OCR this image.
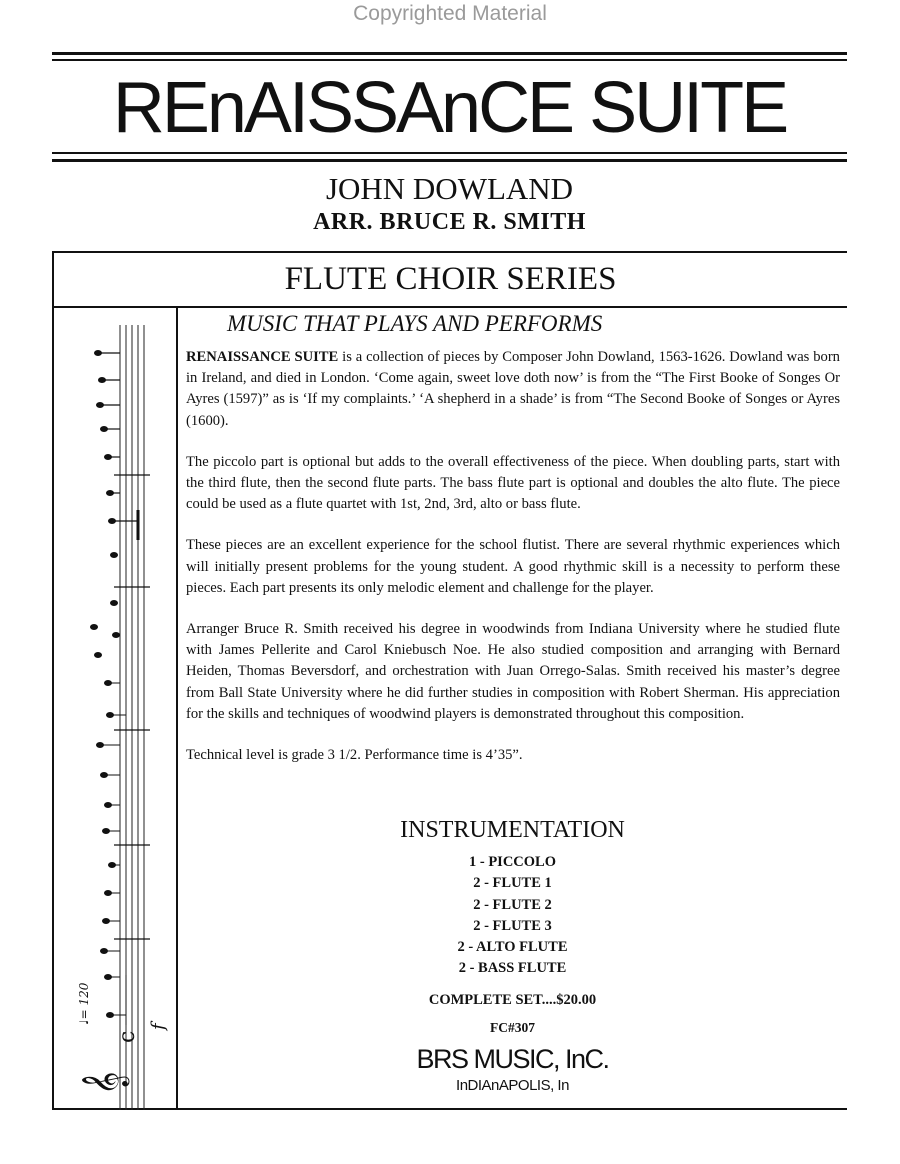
Copyrighted Material
REnAISSAnCE SUITE
JOHN DOWLAND
ARR. BRUCE R. SMITH
FLUTE CHOIR SERIES
MUSIC THAT PLAYS AND PERFORMS

RENAISSANCE SUITE is a collection of pieces by Composer John Dowland, 1563-1626. Dowland was born in Ireland, and died in London. ‘Come again, sweet love doth now’ is from the “The First Booke of Songes Or Ayres (1597)” as is ‘If my complaints.’ ‘A shepherd in a shade’ is from “The Second Booke of Songes or Ayres (1600).

The piccolo part is optional but adds to the overall effectiveness of the piece. When doubling parts, start with the third flute, then the second flute parts. The bass flute part is optional and doubles the alto flute. The piece could be used as a flute quartet with 1st, 2nd, 3rd, alto or bass flute.

These pieces are an excellent experience for the school flutist. There are several rhythmic experiences which will initially present problems for the young student. A good rhythmic skill is a necessity to perform these pieces. Each part presents its only melodic element and challenge for the player.

Arranger Bruce R. Smith received his degree in woodwinds from Indiana University where he studied flute with James Pellerite and Carol Kniebusch Noe. He also studied composition and arranging with Bernard Heiden, Thomas Beversdorf, and orchestration with Juan Orrego-Salas. Smith received his master’s degree from Ball State University where he did further studies in composition with Robert Sherman. His appreciation for the skills and techniques of woodwind players is demonstrated throughout this composition.

Technical level is grade 3 1/2. Performance time is 4’35”.

INSTRUMENTATION
1 - PICCOLO
2 - FLUTE 1
2 - FLUTE 2
2 - FLUTE 3
2 - ALTO FLUTE
2 - BASS FLUTE
COMPLETE SET....$20.00
FC#307
BRS MUSIC, InC.
InDIAnAPOLIS, In
𝄞
c
♩= 120
f
